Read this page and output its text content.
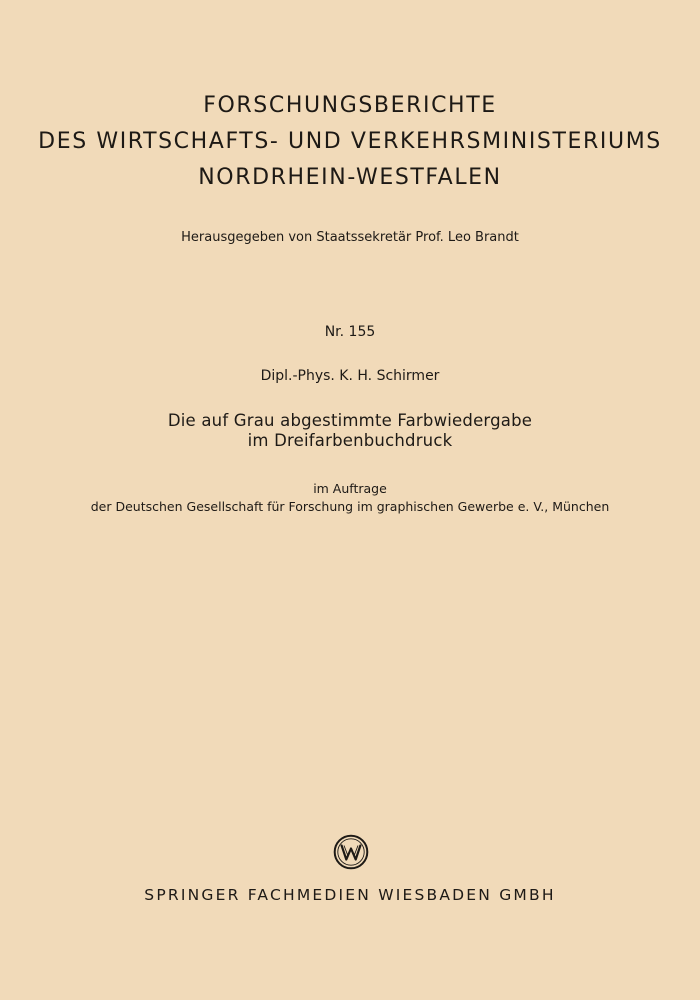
FORSCHUNGSBERICHTE
DES WIRTSCHAFTS- UND VERKEHRSMINISTERIUMS
NORDRHEIN-WESTFALEN
Herausgegeben von Staatssekretär Prof. Leo Brandt
Nr. 155
Dipl.-Phys. K. H. Schirmer
Die auf Grau abgestimmte Farbwiedergabe
im Dreifarbenbuchdruck
im Auftrage
der Deutschen Gesellschaft für Forschung im graphischen Gewerbe e. V., München
SPRINGER FACHMEDIEN WIESBADEN GMBH
